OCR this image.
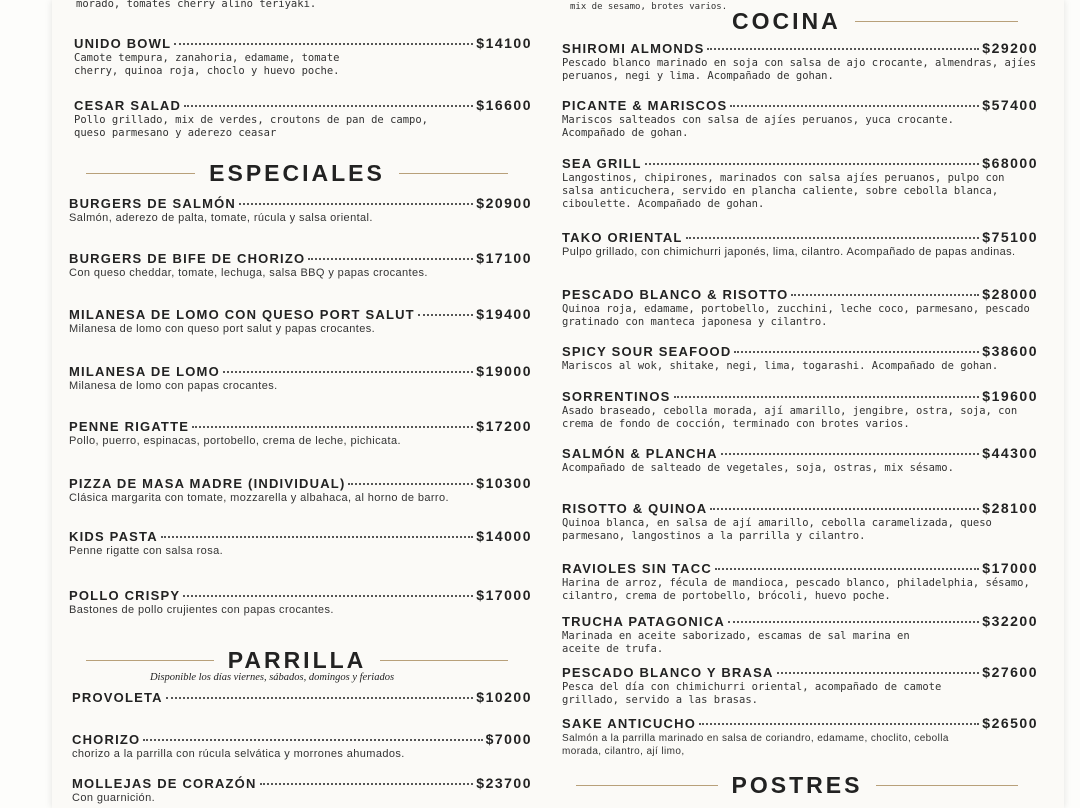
morado, tomates cherry aliño teriyaki.
UNIDO BOWL	$14100
Camote tempura, zanahoria, edamame, tomate cherry, quinoa roja, choclo y huevo poche.
CESAR SALAD	$16600
Pollo grillado, mix de verdes, croutons de pan de campo, queso parmesano y aderezo ceasar
ESPECIALES
BURGERS DE SALMÓN	$20900
Salmón, aderezo de palta, tomate, rúcula y salsa oriental.
BURGERS DE BIFE DE CHORIZO	$17100
Con queso cheddar, tomate, lechuga, salsa BBQ y papas crocantes.
MILANESA DE LOMO CON QUESO PORT SALUT	$19400
Milanesa de lomo con queso port salut y papas crocantes.
MILANESA DE LOMO	$19000
Milanesa de lomo con papas crocantes.
PENNE RIGATTE	$17200
Pollo, puerro, espinacas, portobello, crema de leche, pichicata.
PIZZA DE MASA MADRE (INDIVIDUAL)	$10300
Clásica margarita con tomate, mozzarella y albahaca, al horno de barro.
KIDS PASTA	$14000
Penne rigatte con salsa rosa.
POLLO CRISPY	$17000
Bastones de pollo crujientes con papas crocantes.
PARRILLA
Disponible los días viernes, sábados, domingos y feriados
PROVOLETA	$10200
CHORIZO	$7000
chorizo a la parrilla con rúcula selvática y morrones ahumados.
MOLLEJAS DE CORAZÓN	$23700
Con guarnición.
mix de sesamo, brotes varios.
COCINA
SHIROMI ALMONDS	$29200
Pescado blanco marinado en soja con salsa de ajo crocante, almendras, ajíes peruanos, negi y lima. Acompañado de gohan.
PICANTE & MARISCOS	$57400
Mariscos salteados con salsa de ajíes peruanos, yuca crocante. Acompañado de gohan.
SEA GRILL	$68000
Langostinos, chipirones, marinados con salsa ajíes peruanos, pulpo con salsa anticuchera, servido en plancha caliente, sobre cebolla blanca, ciboulette. Acompañado de gohan.
TAKO ORIENTAL	$75100
Pulpo grillado, con chimichurri japonés, lima, cilantro. Acompañado de papas andinas.
PESCADO BLANCO & RISOTTO	$28000
Quinoa roja, edamame, portobello, zucchini, leche coco, parmesano, pescado gratinado con manteca japonesa y cilantro.
SPICY SOUR SEAFOOD	$38600
Mariscos al wok, shitake, negi, lima, togarashi. Acompañado de gohan.
SORRENTINOS	$19600
Asado braseado, cebolla morada, ají amarillo, jengibre, ostra, soja, con crema de fondo de cocción, terminado con brotes varios.
SALMÓN & PLANCHA	$44300
Acompañado de salteado de vegetales, soja, ostras, mix sésamo.
RISOTTO & QUINOA	$28100
Quinoa blanca, en salsa de ají amarillo, cebolla caramelizada, queso parmesano, langostinos a la parrilla y cilantro.
RAVIOLES SIN TACC	$17000
Harina de arroz, fécula de mandioca, pescado blanco, philadelphia, sésamo, cilantro, crema de portobello, brócoli, huevo poche.
TRUCHA PATAGONICA	$32200
Marinada en aceite saborizado, escamas de sal marina en aceite de trufa.
PESCADO BLANCO Y BRASA	$27600
Pesca del día con chimichurri oriental, acompañado de camote grillado, servido a las brasas.
SAKE ANTICUCHO	$26500
Salmón a la parrilla marinado en salsa de coriandro, edamame, choclito, cebolla morada, cilantro, ají limo,
POSTRES
